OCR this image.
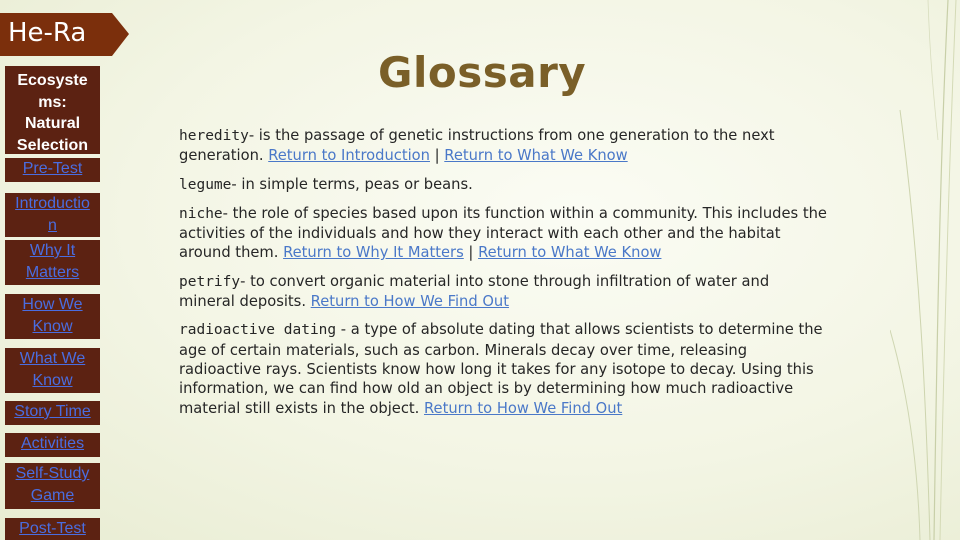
He-Ra
Ecosyste
ms:
Natural
Selection
Pre-Test
Introductio
n
Why It
Matters
How We
Know
What We
Know
Story Time
Activities
Self-Study
Game
Post-Test
Glossary

heredity- is the passage of genetic instructions from one generation to the next generation. Return to Introduction | Return to What We Know

legume- in simple terms, peas or beans.

niche- the role of species based upon its function within a community. This includes the activities of the individuals and how they interact with each other and the habitat around them. Return to Why It Matters | Return to What We Know

petrify- to convert organic material into stone through infiltration of water and mineral deposits. Return to How We Find Out

radioactive dating - a type of absolute dating that allows scientists to determine the age of certain materials, such as carbon. Minerals decay over time, releasing radioactive rays. Scientists know how long it takes for any isotope to decay. Using this information, we can find how old an object is by determining how much radioactive material still exists in the object. Return to How We Find Out
